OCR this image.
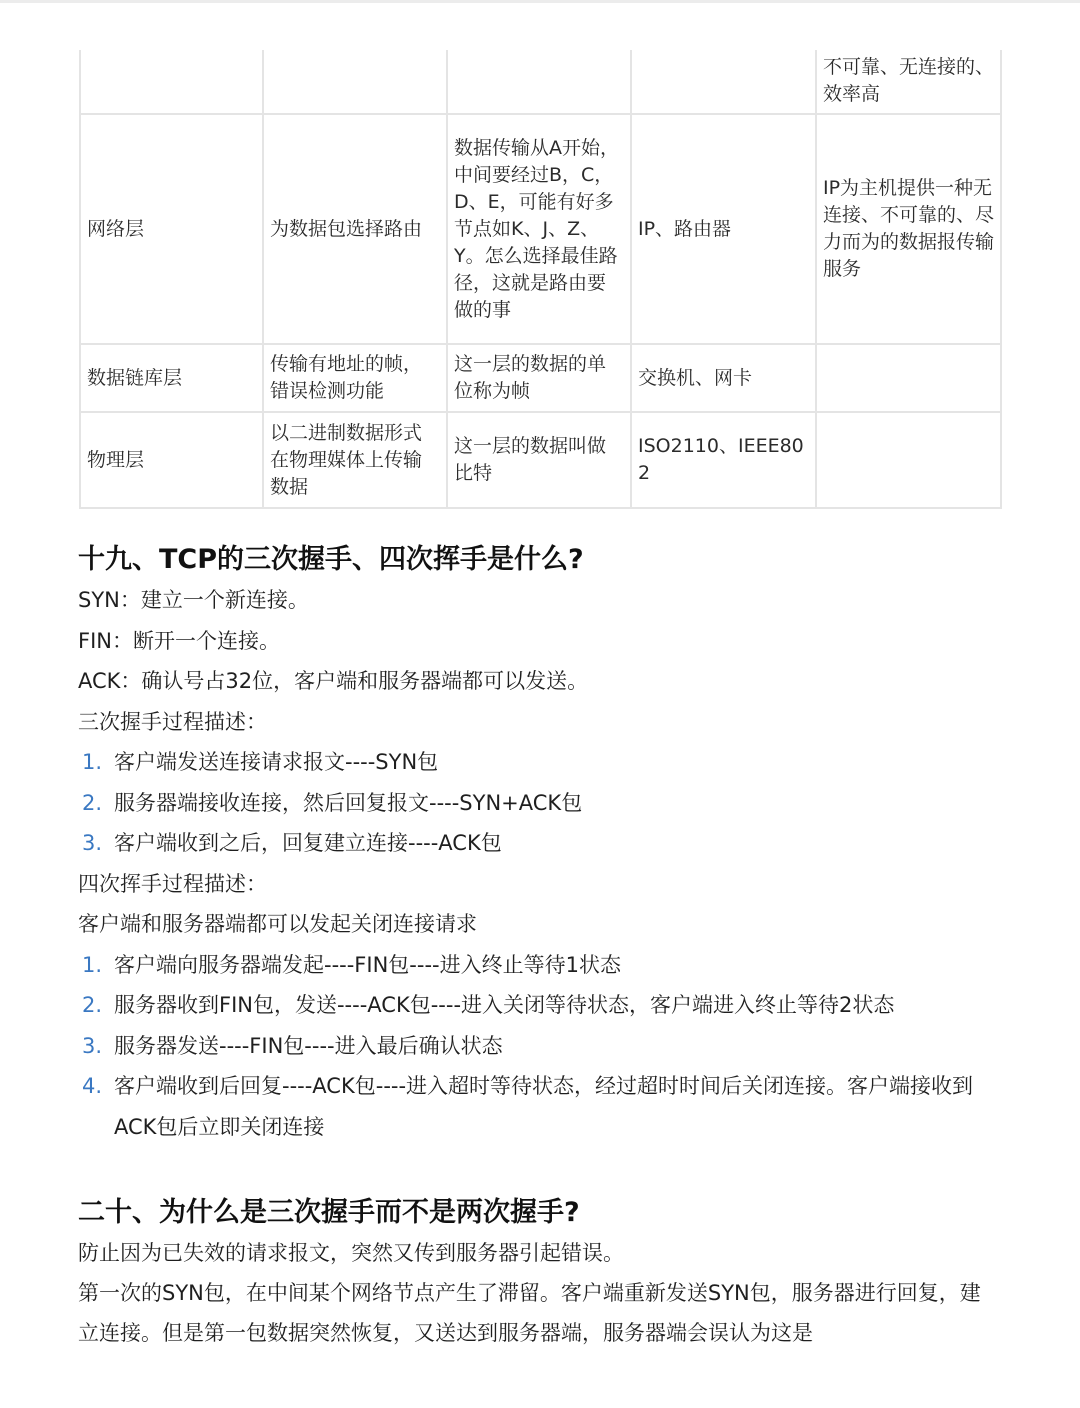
				不可靠、无连接的、效率高
网络层	为数据包选择路由	数据传输从A开始，中间要经过B，C，D、E，可能有好多节点如K、J、Z、Y。怎么选择最佳路径，这就是路由要做的事	IP、路由器	IP为主机提供一种无连接、不可靠的、尽力而为的数据报传输服务
数据链库层	传输有地址的帧，错误检测功能	这一层的数据的单位称为帧	交换机、网卡	
物理层	以二进制数据形式在物理媒体上传输数据	这一层的数据叫做比特	ISO2110、IEEE802	
十九、TCP的三次握手、四次挥手是什么?

SYN：建立一个新连接。

FIN：断开一个连接。

ACK：确认号占32位，客户端和服务器端都可以发送。

三次握手过程描述：

1. 客户端发送连接请求报文----SYN包
2. 服务器端接收连接，然后回复报文----SYN+ACK包
3. 客户端收到之后，回复建立连接----ACK包

四次挥手过程描述：

客户端和服务器端都可以发起关闭连接请求

1. 客户端向服务器端发起----FIN包----进入终止等待1状态
2. 服务器收到FIN包，发送----ACK包----进入关闭等待状态，客户端进入终止等待2状态
3. 服务器发送----FIN包----进入最后确认状态
4. 客户端收到后回复----ACK包----进入超时等待状态，经过超时时间后关闭连接。客户端接收到ACK包后立即关闭连接
二十、为什么是三次握手而不是两次握手?

防止因为已失效的请求报文，突然又传到服务器引起错误。

第一次的SYN包，在中间某个网络节点产生了滞留。客户端重新发送SYN包，服务器进行回复，建立连接。但是第一包数据突然恢复，又送达到服务器端，服务器端会误认为这是
